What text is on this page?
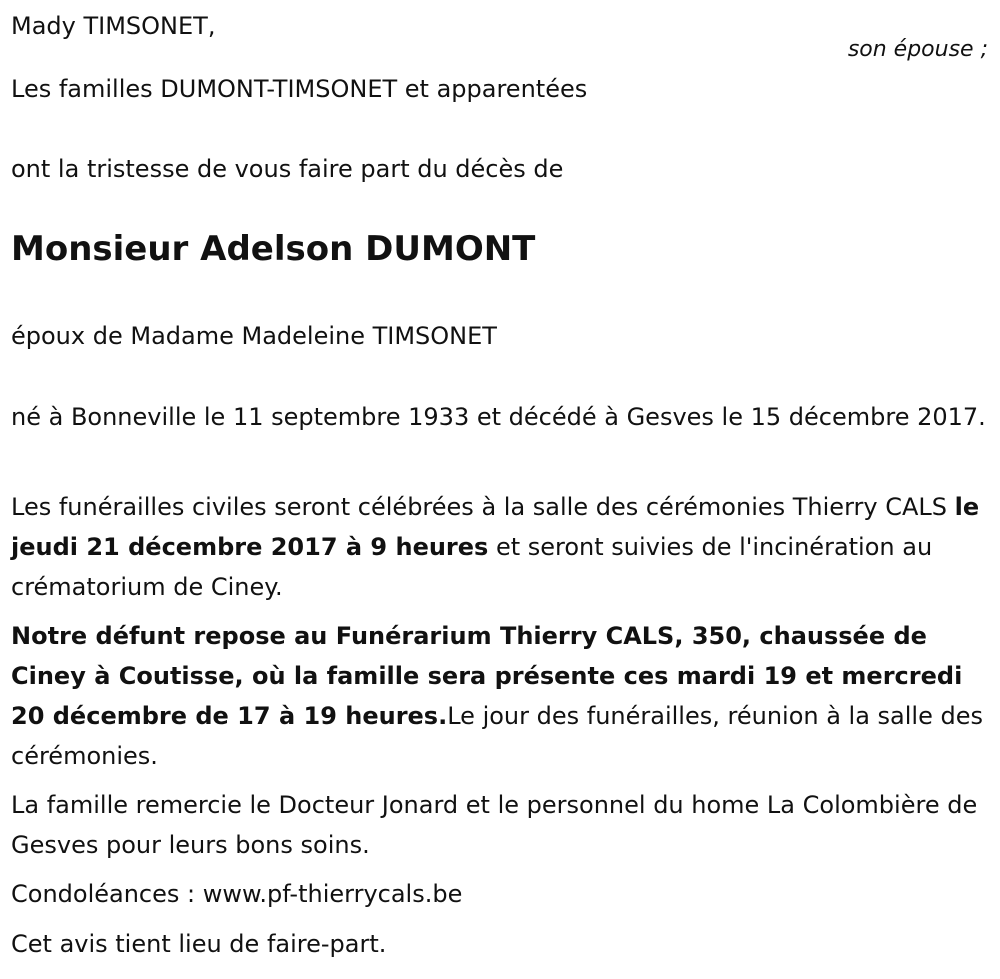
Mady TIMSONET,

son épouse ;

Les familles DUMONT-TIMSONET et apparentées

ont la tristesse de vous faire part du décès de

Monsieur Adelson DUMONT

époux de Madame Madeleine TIMSONET

né à Bonneville le 11 septembre 1933 et décédé à Gesves le 15 décembre 2017.

Les funérailles civiles seront célébrées à la salle des cérémonies Thierry CALS le jeudi 21 décembre 2017 à 9 heures et seront suivies de l'incinération au crématorium de Ciney.

Notre défunt repose au Funérarium Thierry CALS, 350, chaussée de Ciney à Coutisse, où la famille sera présente ces mardi 19 et mercredi 20 décembre de 17 à 19 heures.Le jour des funérailles, réunion à la salle des cérémonies.

La famille remercie le Docteur Jonard et le personnel du home La Colombière de Gesves pour leurs bons soins.

Condoléances : www.pf-thierrycals.be

Cet avis tient lieu de faire-part.
